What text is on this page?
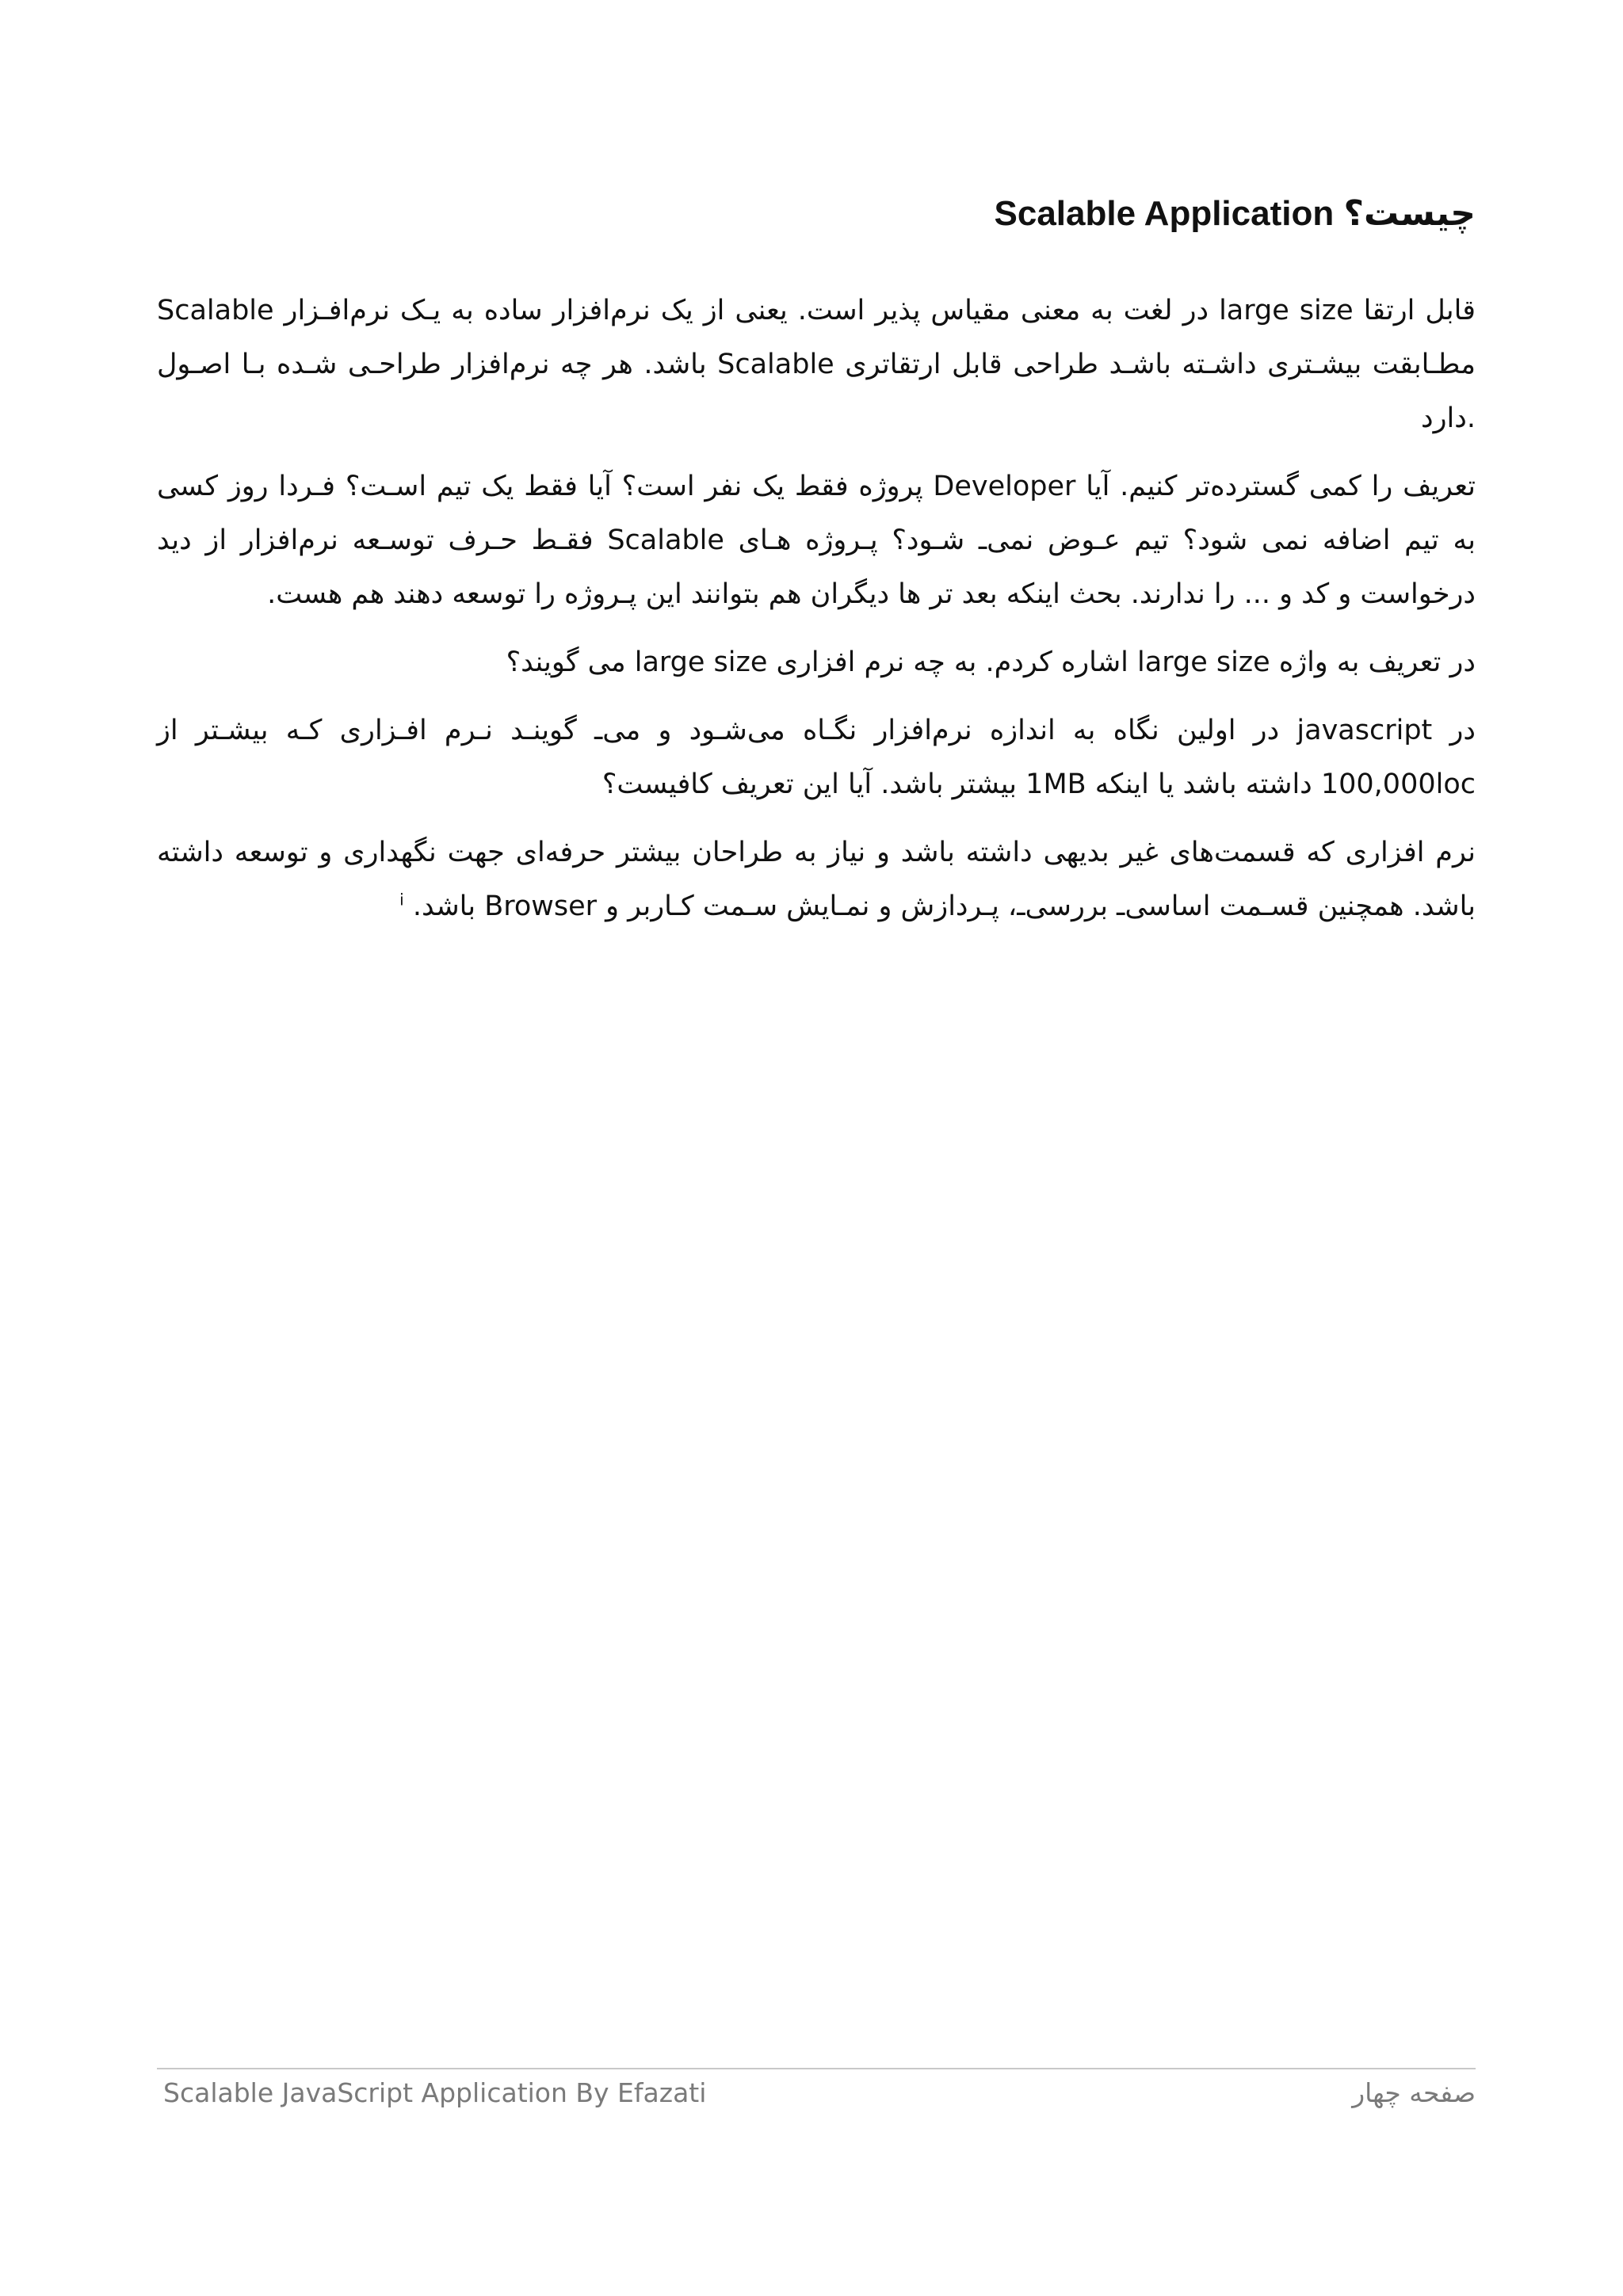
Scalable Application چیست؟

Scalable در لغت به معنی مقیاس پذیر است. یعنی از یک نرم‌افزار ساده به یـک نرم‌افـزار large size قابل ارتقا باشد. هر چه نرم‌افزار طراحـی شـده بـا اصـول Scalable مطـابقت بیشـتری داشـته باشـد طراحی قابل ارتقاتری دارد.

تعریف را کمی گسترده‌تر کنیم. آیا Developer پروژه فقط یک نفر است؟ آیا فقط یک تیم اسـت؟ فـردا روز کسی به تیم اضافه نمی شود؟ تیم عـوض نمی‌ـ شـود؟ پـروژه هـای Scalable فقـط حـرف توسـعه نرم‌افزار از دید درخواست و کد و ... را ندارند. بحث اینکه بعد تر ها دیگران هم بتوانند این پـروژه را توسعه دهند هم هست.

در تعریف به واژه large size اشاره کردم. به چه نرم افزاری large size می گویند؟

در javascript در اولین نگاه به اندازه نرم‌افزار نگـاه می‌شـود و می‌ـ گوینـد نـرم افـزاری کـه بیشـتر از 100,000loc داشته باشد یا اینکه 1MB بیشتر باشد. آیا این تعریف کافیست؟

نرم افزاری که قسمت‌های غیر بدیهی داشته باشد و نیاز به طراحان بیشتر حرفه‌ای جهت نگهداری و توسعه داشته باشد. همچنین قسـمت اساسی‌ـ بررسی‌ـ، پـردازش و نمـایش سـمت کـاربر و Browser باشد. $^i$

Scalable JavaScript Application By Efazati	صفحه چهار
